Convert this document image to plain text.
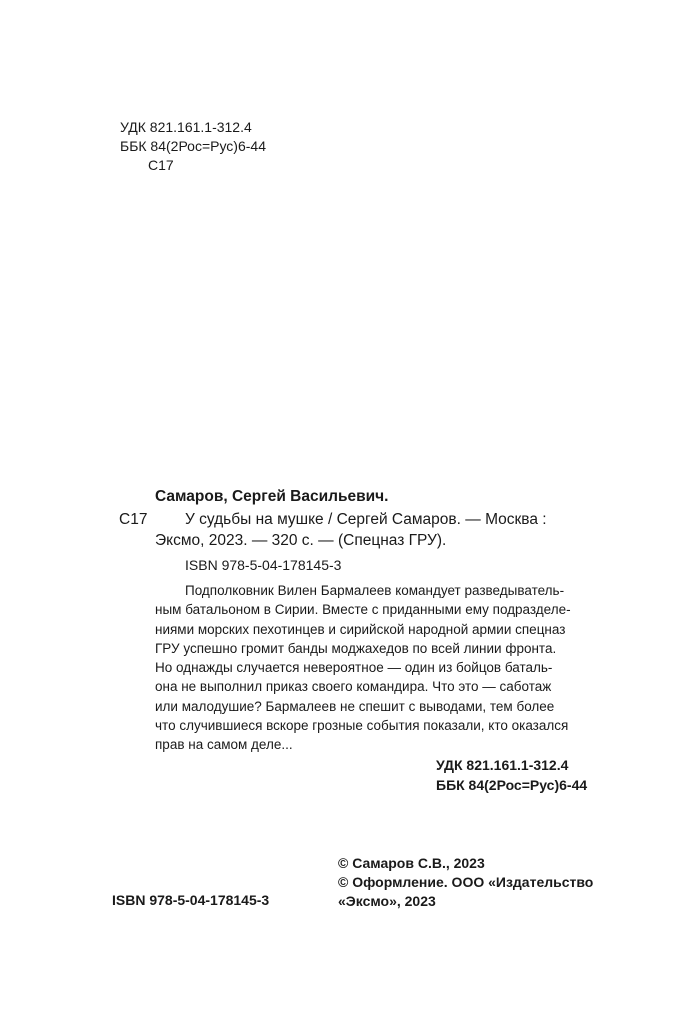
УДК 821.161.1-312.4
ББК 84(2Рос=Рус)6-44
С17
Самаров, Сергей Васильевич.
С17 У судьбы на мушке / Сергей Самаров. — Москва :
Эксмо, 2023. — 320 с. — (Спецназ ГРУ).
ISBN 978-5-04-178145-3
Подполковник Вилен Бармалеев командует разведыватель-
ным батальоном в Сирии. Вместе с приданными ему подразделе-
ниями морских пехотинцев и сирийской народной армии спецназ
ГРУ успешно громит банды моджахедов по всей линии фронта.
Но однажды случается невероятное — один из бойцов баталь-
она не выполнил приказ своего командира. Что это — саботаж
или малодушие? Бармалеев не спешит с выводами, тем более
что случившиеся вскоре грозные события показали, кто оказался
прав на самом деле...
УДК 821.161.1-312.4
ББК 84(2Рос=Рус)6-44
ISBN 978-5-04-178145-3
© Самаров С.В., 2023
© Оформление. ООО «Издательство
«Эксмо», 2023
